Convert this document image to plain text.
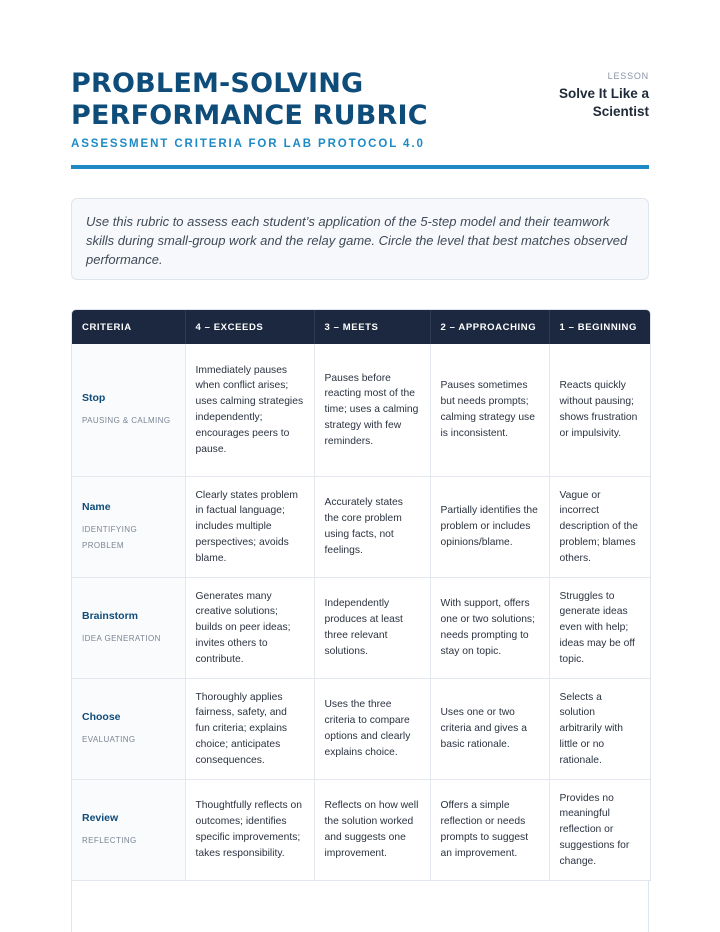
PROBLEM-SOLVING
PERFORMANCE RUBRIC
ASSESSMENT CRITERIA FOR LAB PROTOCOL 4.0
LESSON
Solve It Like a Scientist
Use this rubric to assess each student’s application of the 5-step model and their teamwork skills during small-group work and the relay game. Circle the level that best matches observed performance.
CRITERIA	4 – EXCEEDS	3 – MEETS	2 – APPROACHING	1 – BEGINNING

Stop
PAUSING & CALMING	Immediately pauses when conflict arises; uses calming strategies independently; encourages peers to pause.	Pauses before reacting most of the time; uses a calming strategy with few reminders.	Pauses sometimes but needs prompts; calming strategy use is inconsistent.	Reacts quickly without pausing; shows frustration or impulsivity.

Name
IDENTIFYING PROBLEM	Clearly states problem in factual language; includes multiple perspectives; avoids blame.	Accurately states the core problem using facts, not feelings.	Partially identifies the problem or includes opinions/blame.	Vague or incorrect description of the problem; blames others.

Brainstorm
IDEA GENERATION	Generates many creative solutions; builds on peer ideas; invites others to contribute.	Independently produces at least three relevant solutions.	With support, offers one or two solutions; needs prompting to stay on topic.	Struggles to generate ideas even with help; ideas may be off topic.

Choose
EVALUATING	Thoroughly applies fairness, safety, and fun criteria; explains choice; anticipates consequences.	Uses the three criteria to compare options and clearly explains choice.	Uses one or two criteria and gives a basic rationale.	Selects a solution arbitrarily with little or no rationale.

Review
REFLECTING	Thoughtfully reflects on outcomes; identifies specific improvements; takes responsibility.	Reflects on how well the solution worked and suggests one improvement.	Offers a simple reflection or needs prompts to suggest an improvement.	Provides no meaningful reflection or suggestions for change.
